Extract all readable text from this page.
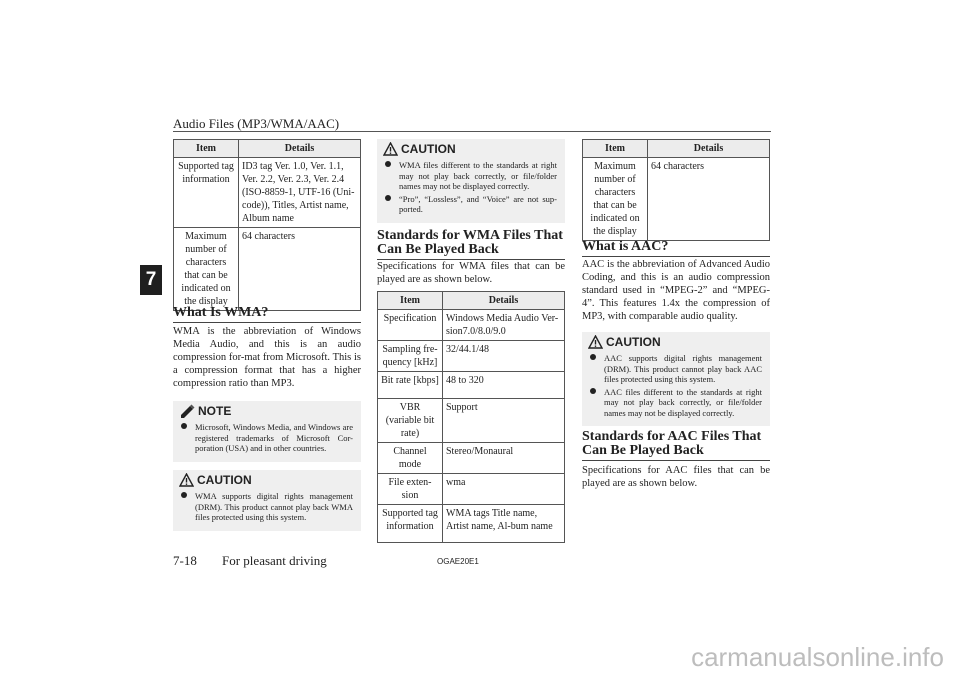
Audio Files (MP3/WMA/AAC)
7
Item	Details
Supported tag information	ID3 tag Ver. 1.0, Ver. 1.1, Ver. 2.2, Ver. 2.3, Ver. 2.4 (ISO-8859-1, UTF-16 (Uni-code)), Titles, Artist name, Album name
Maximum number of characters that can be indicated on the display	64 characters
What Is WMA?

WMA is the abbreviation of Windows Media Audio, and this is an audio compression for-mat from Microsoft. This is a compression format that has a higher compression ratio than MP3.

NOTE
Microsoft, Windows Media, and Windows are registered trademarks of Microsoft Cor-poration (USA) and in other countries.
CAUTION
WMA supports digital rights management (DRM). This product cannot play back WMA files protected using this system.
CAUTION
WMA files different to the standards at right may not play back correctly, or file/folder names may not be displayed correctly.
“Pro”, “Lossless”, and “Voice” are not sup-ported.
Standards for WMA Files That Can Be Played Back

Specifications for WMA files that can be played are as shown below.

Item	Details
Specification	Windows Media Audio Ver-sion7.0/8.0/9.0
Sampling fre-quency [kHz]	32/44.1/48
Bit rate [kbps]	48 to 320
VBR (variable bit rate)	Support
Channel mode	Stereo/Monaural
File exten-sion	wma
Supported tag information	WMA tags Title name, Artist name, Al-bum name
Item	Details
Maximum number of characters that can be indicated on the display	64 characters
What is AAC?

AAC is the abbreviation of Advanced Audio Coding, and this is an audio compression standard used in “MPEG-2” and “MPEG-4”. This features 1.4x the compression of MP3, with comparable audio quality.

CAUTION
AAC supports digital rights management (DRM). This product cannot play back AAC files protected using this system.
AAC files different to the standards at right may not play back correctly, or file/folder names may not be displayed correctly.
Standards for AAC Files That Can Be Played Back

Specifications for AAC files that can be played are as shown below.

7-18 For pleasant driving	OGAE20E1
carmanualsonline.info
